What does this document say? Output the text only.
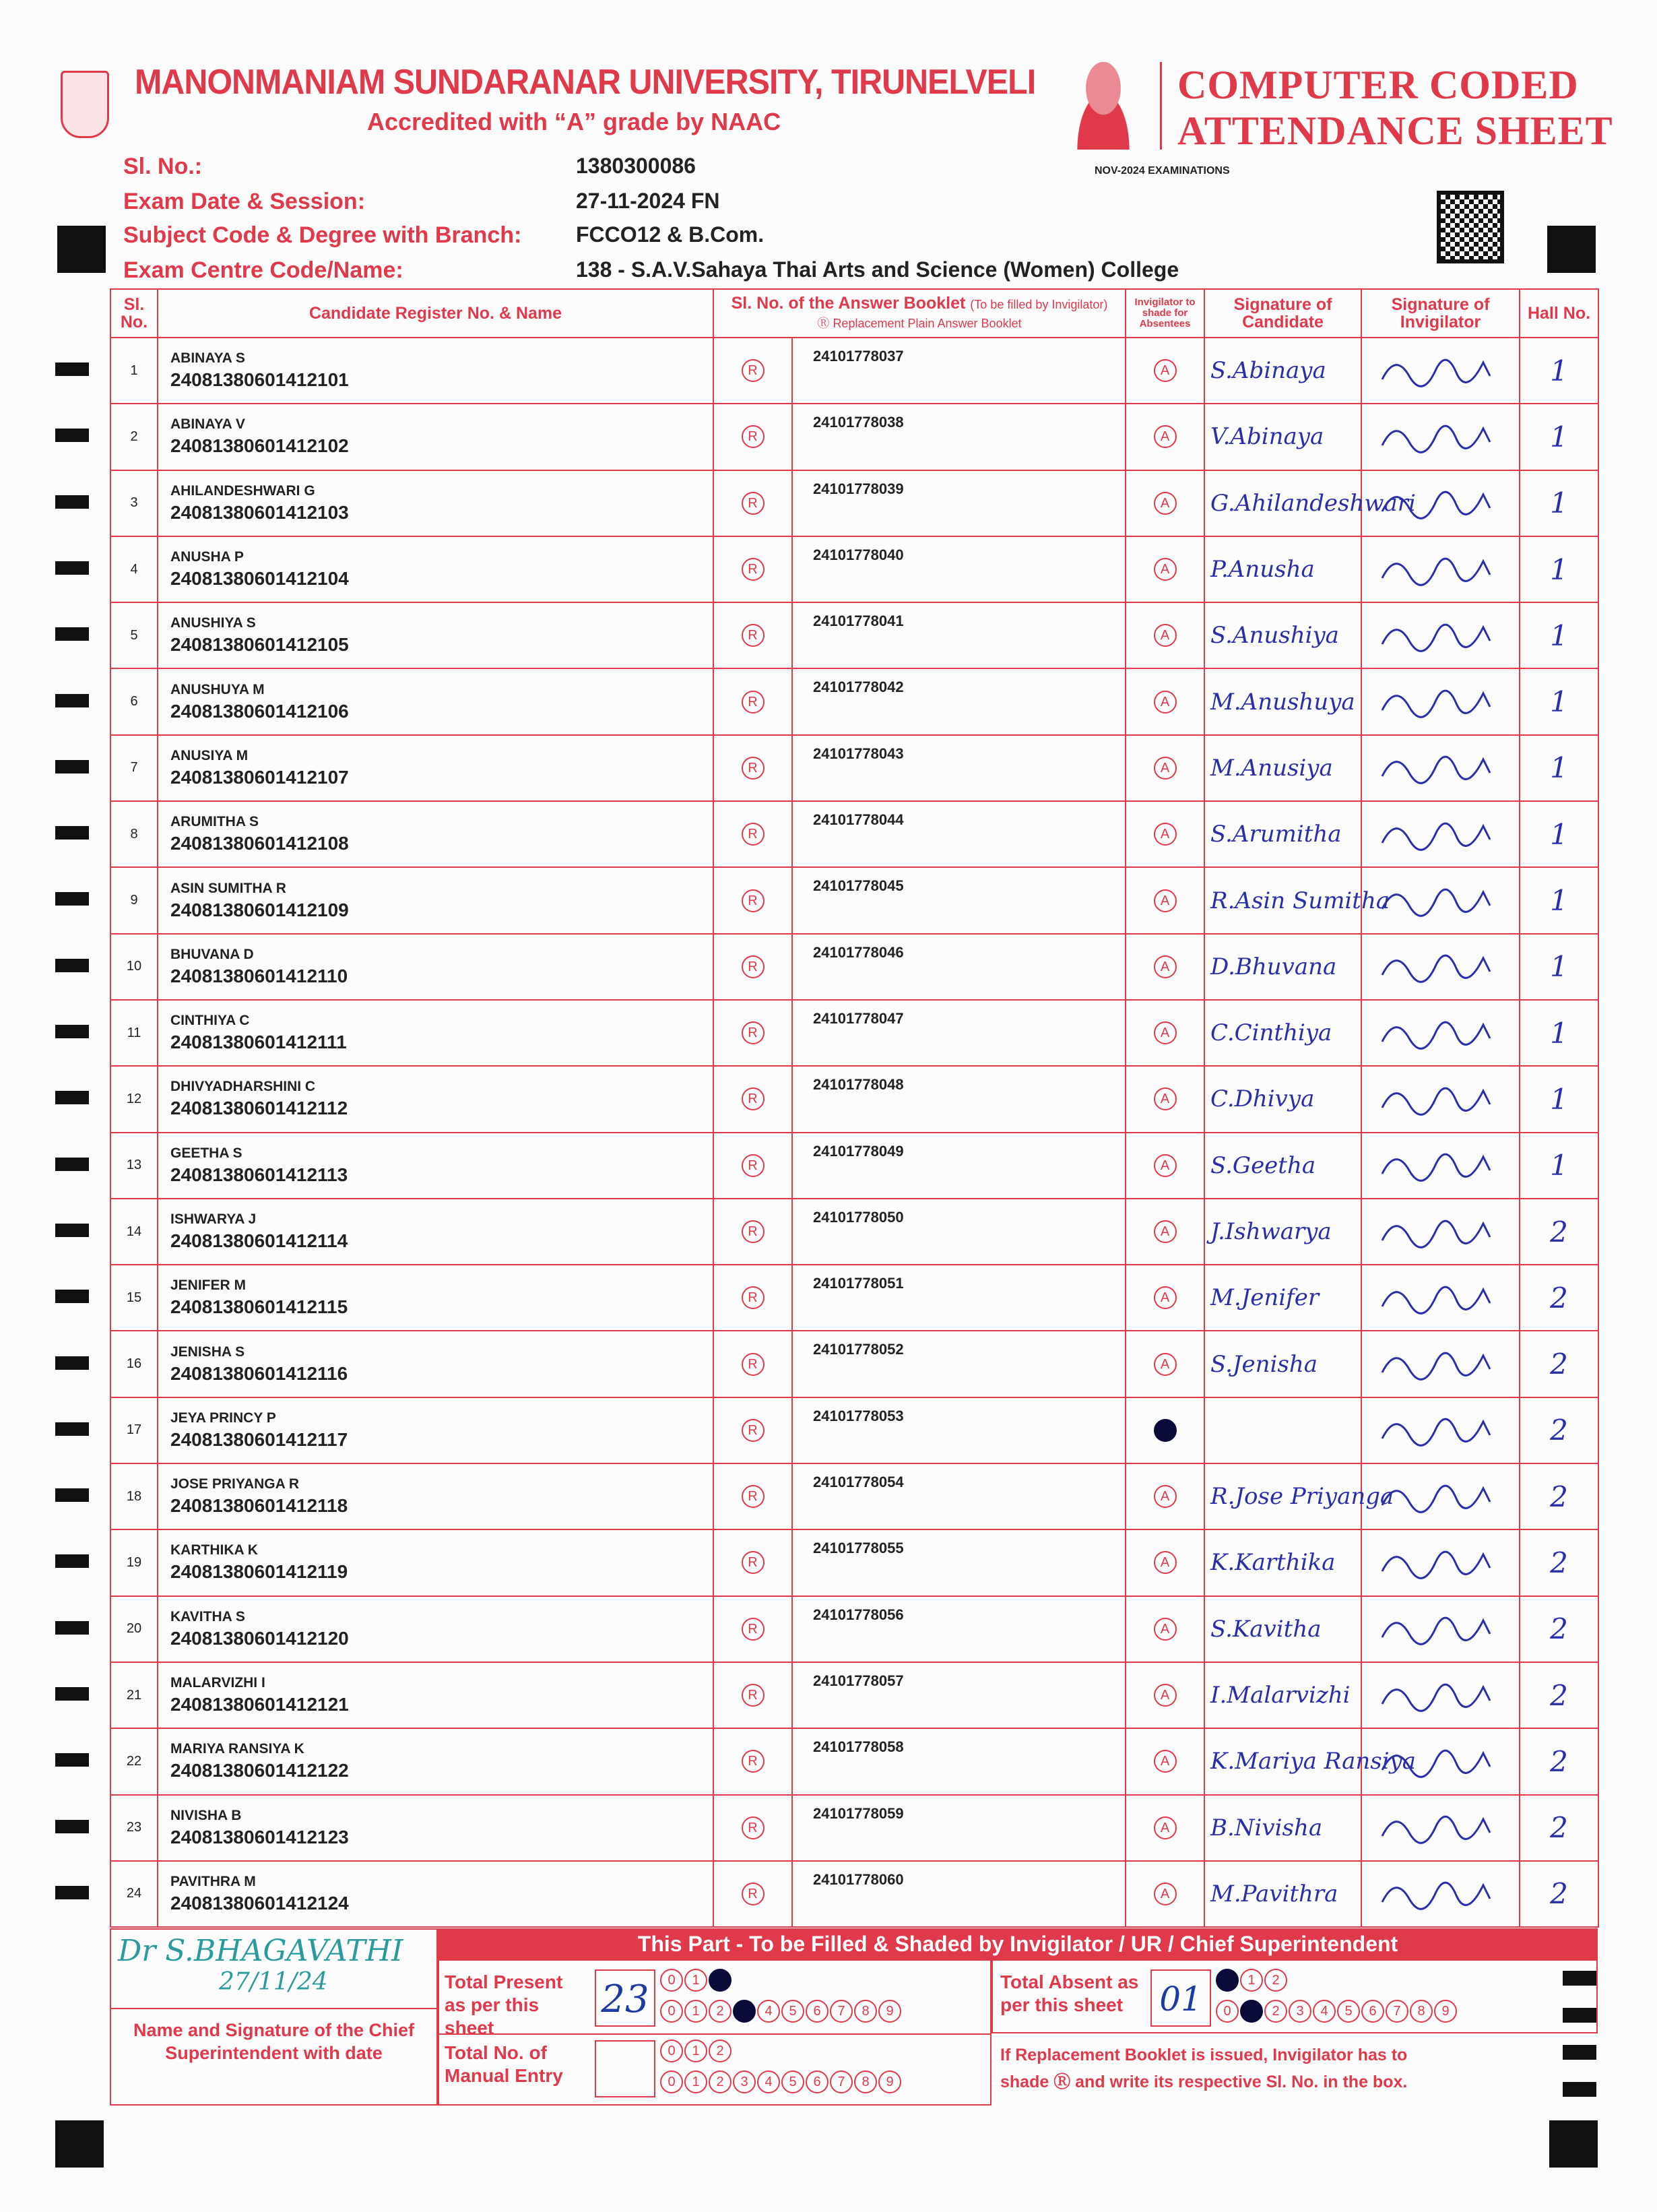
MANONMANIAM SUNDARANAR UNIVERSITY, TIRUNELVELI
Accredited with “A” grade by NAAC
COMPUTER CODED
ATTENDANCE SHEET
NOV-2024 EXAMINATIONS
Sl. No.:	1380300086
Exam Date & Session:	27-11-2024 FN
Subject Code & Degree with Branch:	FCCO12 & B.Com.
Exam Centre Code/Name:	138 - S.A.V.Sahaya Thai Arts and Science (Women) College
Sl. No.	Candidate Register No. & Name	Sl. No. of the Answer Booklet (To be filled by Invigilator)
Ⓡ Replacement Plain Answer Booklet		Invigilator to shade for Absentees	Signature of Candidate	Signature of Invigilator	Hall No.
1	ABINAYA S
24081380601412101	R	24101778037	A	S.Abinaya		1
2	ABINAYA V
24081380601412102	R	24101778038	A	V.Abinaya		1
3	AHILANDESHWARI G
24081380601412103	R	24101778039	A	G.Ahilandeshwari		1
4	ANUSHA P
24081380601412104	R	24101778040	A	P.Anusha		1
5	ANUSHIYA S
24081380601412105	R	24101778041	A	S.Anushiya		1
6	ANUSHUYA M
24081380601412106	R	24101778042	A	M.Anushuya		1
7	ANUSIYA M
24081380601412107	R	24101778043	A	M.Anusiya		1
8	ARUMITHA S
24081380601412108	R	24101778044	A	S.Arumitha		1
9	ASIN SUMITHA R
24081380601412109	R	24101778045	A	R.Asin Sumitha		1
10	BHUVANA D
24081380601412110	R	24101778046	A	D.Bhuvana		1
11	CINTHIYA C
24081380601412111	R	24101778047	A	C.Cinthiya		1
12	DHIVYADHARSHINI C
24081380601412112	R	24101778048	A	C.Dhivya		1
13	GEETHA S
24081380601412113	R	24101778049	A	S.Geetha		1
14	ISHWARYA J
24081380601412114	R	24101778050	A	J.Ishwarya		2
15	JENIFER M
24081380601412115	R	24101778051	A	M.Jenifer		2
16	JENISHA S
24081380601412116	R	24101778052	A	S.Jenisha		2
17	JEYA PRINCY P
24081380601412117	R	24101778053				2
18	JOSE PRIYANGA R
24081380601412118	R	24101778054	A	R.Jose Priyanga		2
19	KARTHIKA K
24081380601412119	R	24101778055	A	K.Karthika		2
20	KAVITHA S
24081380601412120	R	24101778056	A	S.Kavitha		2
21	MALARVIZHI I
24081380601412121	R	24101778057	A	I.Malarvizhi		2
22	MARIYA RANSIYA K
24081380601412122	R	24101778058	A	K.Mariya Ransiya		2
23	NIVISHA B
24081380601412123	R	24101778059	A	B.Nivisha		2
24	PAVITHRA M
24081380601412124	R	24101778060	A	M.Pavithra		2
This Part - To be Filled & Shaded by Invigilator / UR / Chief Superintendent
Dr S.BHAGAVATHI
27/11/24
Name and Signature of the Chief Superintendent with date
Total Present as per this sheet
23	0 1
0 1 2	4 5 6 7 8 9
Total Absent as per this sheet	01	1 2
0	2 3 4 5 6 7 8 9
Total No. of Manual Entry
0 1 2
0 1 2 3 4 5 6 7 8 9
If Replacement Booklet is issued, Invigilator has to shade Ⓡ and write its respective Sl. No. in the box.
